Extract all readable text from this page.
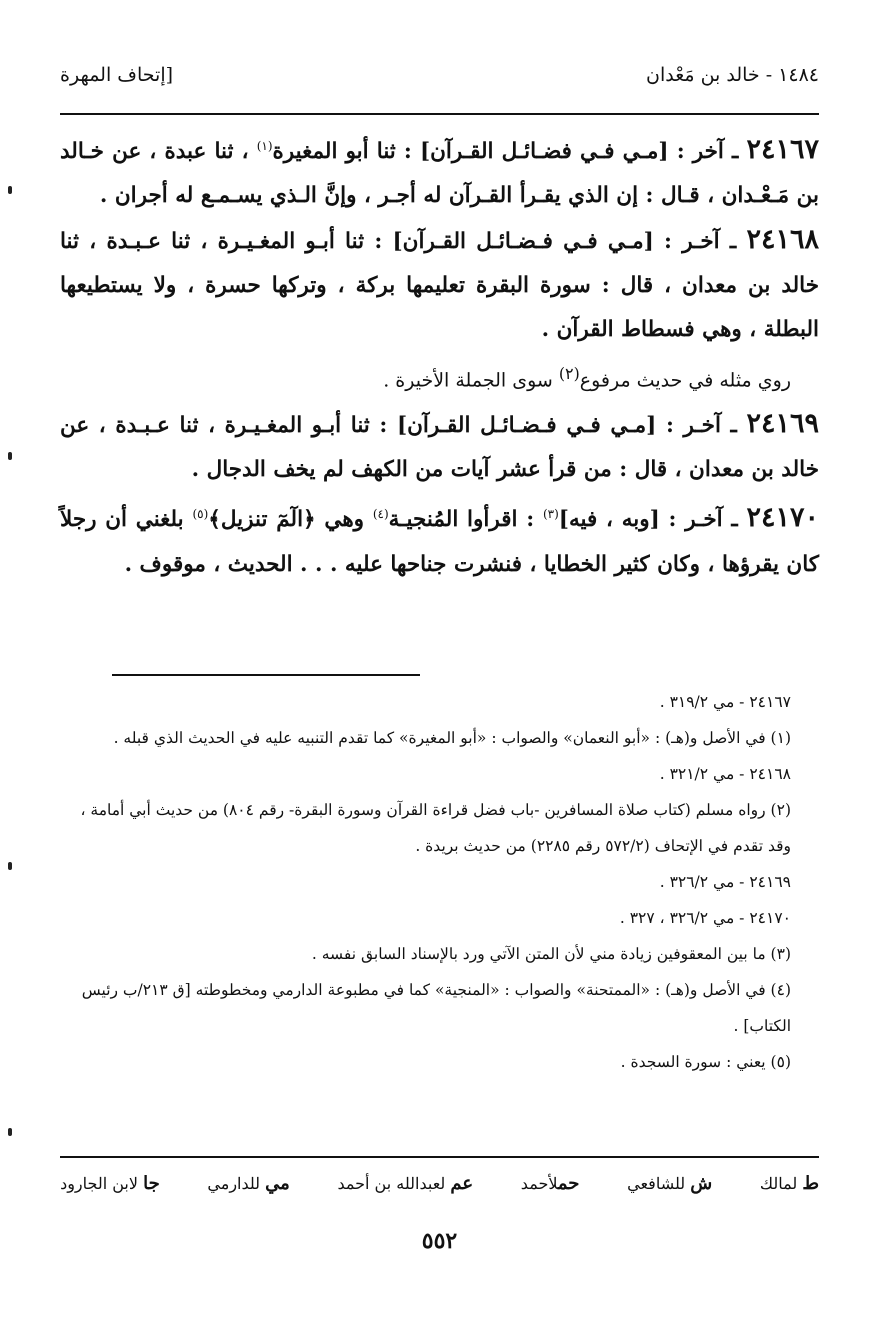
١٤٨٤ - خالد بن مَعْدان
[إتحاف المهرة

٢٤١٦٧ ـ آخر : [مـي فـي فضـائـل القـرآن] : ثنا أبو المغيرة$^{(١)}$ ، ثنا عبدة ، عن خـالد بن مَـعْـدان ، قـال : إن الذي يقـرأ القـرآن له أجـر ، وإنَّ الـذي يسـمـع له أجران .

٢٤١٦٨ ـ آخـر : [مـي فـي فـضـائـل القـرآن] : ثنا أبـو المغـيـرة ، ثنا عـبـدة ، ثنا خالد بن معدان ، قال : سورة البقرة تعليمها بركة ، وتركها حسرة ، ولا يستطيعها البطلة ، وهي فسطاط القرآن .

روي مثله في حديث مرفوع$^{(٢)}$ سوى الجملة الأخيرة .

٢٤١٦٩ ـ آخـر : [مـي فـي فـضـائـل القـرآن] : ثنا أبـو المغـيـرة ، ثنا عـبـدة ، عن خالد بن معدان ، قال : من قرأ عشر آيات من الكهف لم يخف الدجال .

٢٤١٧٠ ـ آخـر : [وبه ، فيه]$^{(٣)}$ : اقرأوا المُنجيـة$^{(٤)}$ وهي ﴿الٓمٓ تنزيل﴾$^{(٥)}$ بلغني أن رجلاً كان يقرؤها ، وكان كثير الخطايا ، فنشرت جناحها عليه . . . الحديث ، موقوف .

٢٤١٦٧ - مي ٣١٩/٢ .

(١) في الأصل و(هـ) : «أبو النعمان» والصواب : «أبو المغيرة» كما تقدم التنبيه عليه في الحديث الذي قبله .

٢٤١٦٨ - مي ٣٢١/٢ .

(٢) رواه مسلم (كتاب صلاة المسافرين -باب فضل قراءة القرآن وسورة البقرة- رقم ٨٠٤) من حديث أبي أمامة ، وقد تقدم في الإتحاف (٥٧٢/٢ رقم ٢٢٨٥) من حديث بريدة .

٢٤١٦٩ - مي ٣٢٦/٢ .

٢٤١٧٠ - مي ٣٢٦/٢ ، ٣٢٧ .

(٣) ما بين المعقوفين زيادة مني لأن المتن الآتي ورد بالإسناد السابق نفسه .

(٤) في الأصل و(هـ) : «الممتحنة» والصواب : «المنجية» كما في مطبوعة الدارمي ومخطوطته [ق ٢١٣/ب رئيس الكتاب] .

(٥) يعني : سورة السجدة .

ط لمالك
ش للشافعي
حملأحمد
عم لعبدالله بن أحمد
مي للدارمي
جا لابن الجارود
٥٥٢
